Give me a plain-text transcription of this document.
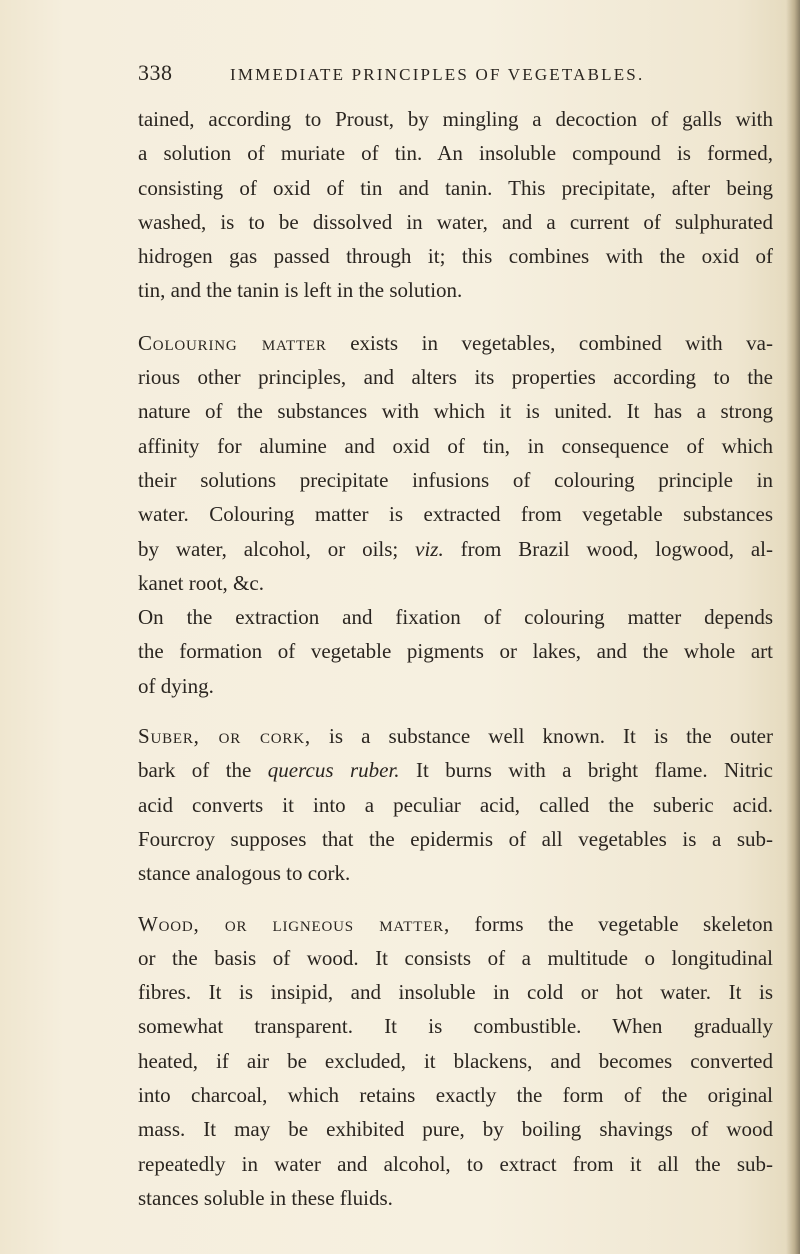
338	IMMEDIATE PRINCIPLES OF VEGETABLES.
tained, according to Proust, by mingling a decoction of galls with
a solution of muriate of tin. An insoluble compound is formed,
consisting of oxid of tin and tanin. This precipitate, after being
washed, is to be dissolved in water, and a current of sulphurated
hidrogen gas passed through it; this combines with the oxid of
tin, and the tanin is left in the solution.
Colouring matter exists in vegetables, combined with va-
rious other principles, and alters its properties according to the
nature of the substances with which it is united. It has a strong
affinity for alumine and oxid of tin, in consequence of which
their solutions precipitate infusions of colouring principle in
water. Colouring matter is extracted from vegetable substances
by water, alcohol, or oils; viz. from Brazil wood, logwood, al-
kanet root, &c.
On the extraction and fixation of colouring matter depends
the formation of vegetable pigments or lakes, and the whole art
of dying.
Suber, or cork, is a substance well known. It is the outer
bark of the quercus ruber. It burns with a bright flame. Nitric
acid converts it into a peculiar acid, called the suberic acid.
Fourcroy supposes that the epidermis of all vegetables is a sub-
stance analogous to cork.
Wood, or ligneous matter, forms the vegetable skeleton
or the basis of wood. It consists of a multitude o longitudinal
fibres. It is insipid, and insoluble in cold or hot water. It is
somewhat transparent. It is combustible. When gradually
heated, if air be excluded, it blackens, and becomes converted
into charcoal, which retains exactly the form of the original
mass. It may be exhibited pure, by boiling shavings of wood
repeatedly in water and alcohol, to extract from it all the sub-
stances soluble in these fluids.
